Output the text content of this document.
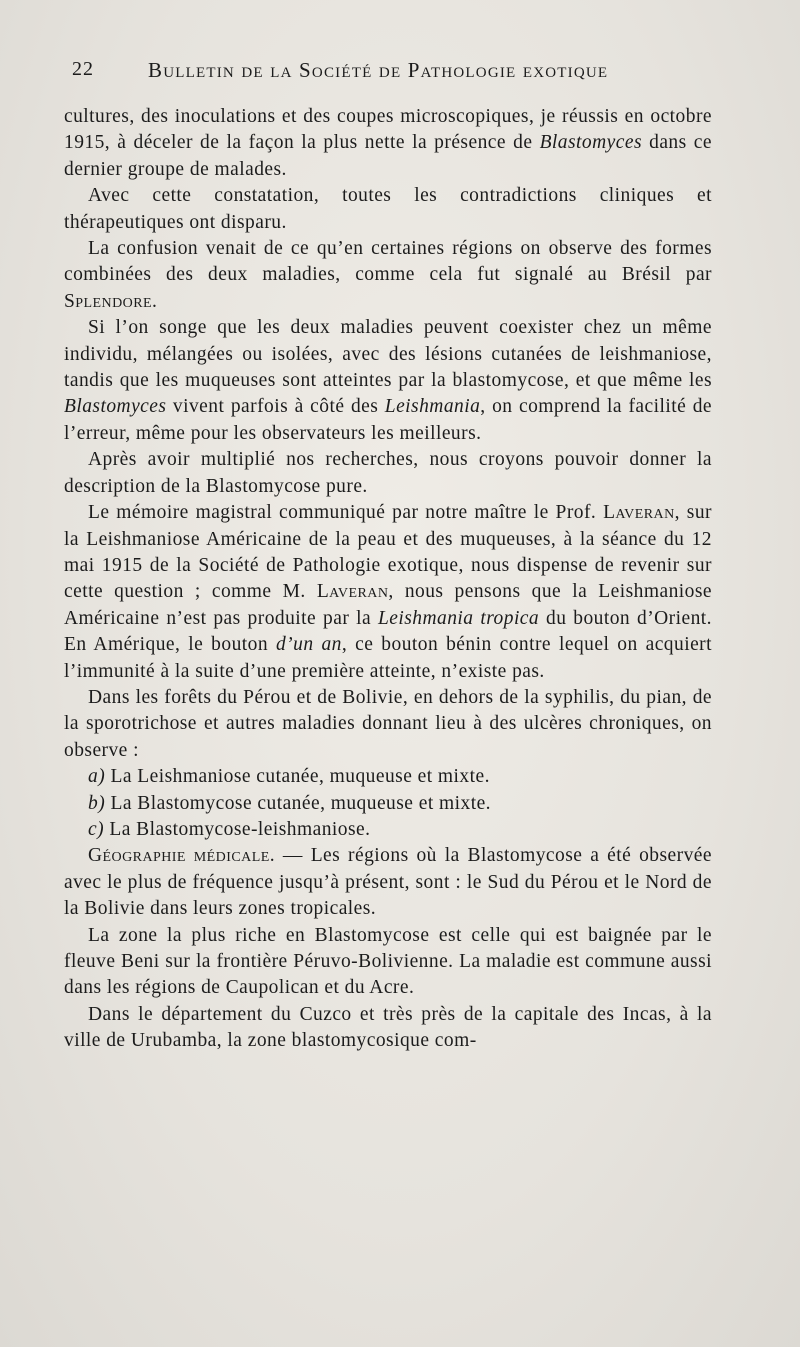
22	Bulletin de la Société de Pathologie exotique

cultures, des inoculations et des coupes microscopiques, je réussis en octobre 1915, à déceler de la façon la plus nette la présence de Blastomyces dans ce dernier groupe de malades.

Avec cette constatation, toutes les contradictions cliniques et thérapeutiques ont disparu.

La confusion venait de ce qu’en certaines régions on observe des formes combinées des deux maladies, comme cela fut signalé au Brésil par Splendore.

Si l’on songe que les deux maladies peuvent coexister chez un même individu, mélangées ou isolées, avec des lésions cutanées de leishmaniose, tandis que les muqueuses sont atteintes par la blastomycose, et que même les Blastomyces vivent parfois à côté des Leishmania, on comprend la facilité de l’erreur, même pour les observateurs les meilleurs.

Après avoir multiplié nos recherches, nous croyons pouvoir donner la description de la Blastomycose pure.

Le mémoire magistral communiqué par notre maître le Prof. Laveran, sur la Leishmaniose Américaine de la peau et des muqueuses, à la séance du 12 mai 1915 de la Société de Pathologie exotique, nous dispense de revenir sur cette question ; comme M. Laveran, nous pensons que la Leishmaniose Américaine n’est pas produite par la Leishmania tropica du bouton d’Orient. En Amérique, le bouton d’un an, ce bouton bénin contre lequel on acquiert l’immunité à la suite d’une première atteinte, n’existe pas.

Dans les forêts du Pérou et de Bolivie, en dehors de la syphilis, du pian, de la sporotrichose et autres maladies donnant lieu à des ulcères chroniques, on observe :

a) La Leishmaniose cutanée, muqueuse et mixte.
b) La Blastomycose cutanée, muqueuse et mixte.
c) La Blastomycose-leishmaniose.

Géographie médicale. — Les régions où la Blastomycose a été observée avec le plus de fréquence jusqu’à présent, sont : le Sud du Pérou et le Nord de la Bolivie dans leurs zones tropicales.

La zone la plus riche en Blastomycose est celle qui est baignée par le fleuve Beni sur la frontière Péruvo-Bolivienne. La maladie est commune aussi dans les régions de Caupolican et du Acre.

Dans le département du Cuzco et très près de la capitale des Incas, à la ville de Urubamba, la zone blastomycosique com-
